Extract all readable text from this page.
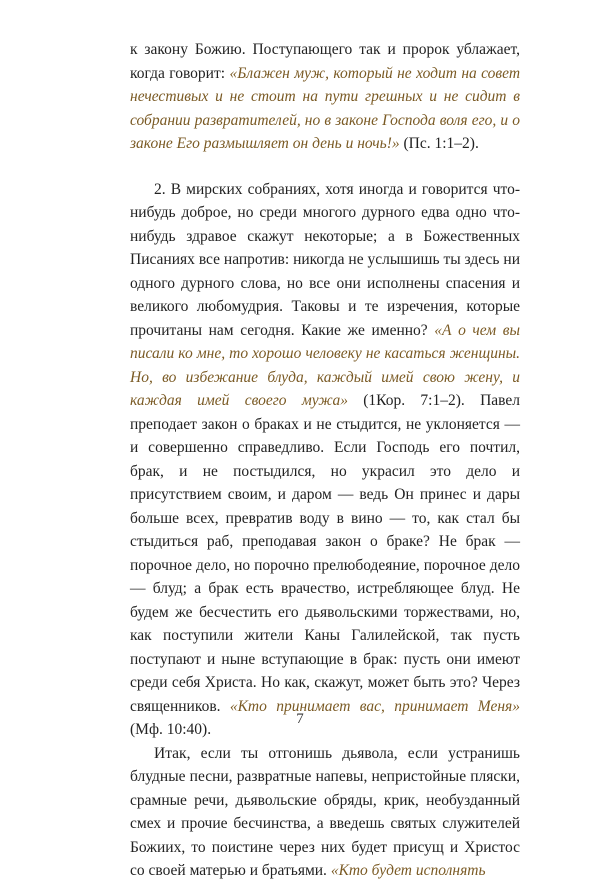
к закону Божию. Поступающего так и пророк ублажает, когда говорит: «Блажен муж, который не ходит на совет нечестивых и не стоит на пути грешных и не сидит в собрании развратителей, но в законе Господа воля его, и о законе Его размышляет он день и ночь!» (Пс. 1:1–2).

2. В мирских собраниях, хотя иногда и говорится что-нибудь доброе, но среди многого дурного едва одно что-нибудь здравое скажут некоторые; а в Божественных Писаниях все напротив: никогда не услышишь ты здесь ни одного дурного слова, но все они исполнены спасения и великого любомудрия. Таковы и те изречения, которые прочитаны нам сегодня. Какие же именно? «А о чем вы писали ко мне, то хорошо человеку не касаться женщины. Но, во избежание блуда, каждый имей свою жену, и каждая имей своего мужа» (1Кор. 7:1–2). Павел преподает закон о браках и не стыдится, не уклоняется — и совершенно справедливо. Если Господь его почтил, брак, и не постыдился, но украсил это дело и присутствием своим, и даром — ведь Он принес и дары больше всех, превратив воду в вино — то, как стал бы стыдиться раб, преподавая закон о браке? Не брак — порочное дело, но порочно прелюбодеяние, порочное дело — блуд; а брак есть врачество, истребляющее блуд. Не будем же бесчестить его дьявольскими торжествами, но, как поступили жители Каны Галилейской, так пусть поступают и ныне вступающие в брак: пусть они имеют среди себя Христа. Но как, скажут, может быть это? Через священников. «Кто принимает вас, принимает Меня» (Мф. 10:40).

Итак, если ты отгонишь дьявола, если устранишь блудные песни, развратные напевы, непристойные пляски, срамные речи, дьявольские обряды, крик, необузданный смех и прочие бесчинства, а введешь святых служителей Божиих, то поистине через них будет присущ и Христос со своей матерью и братьями. «Кто будет исполнять

7
